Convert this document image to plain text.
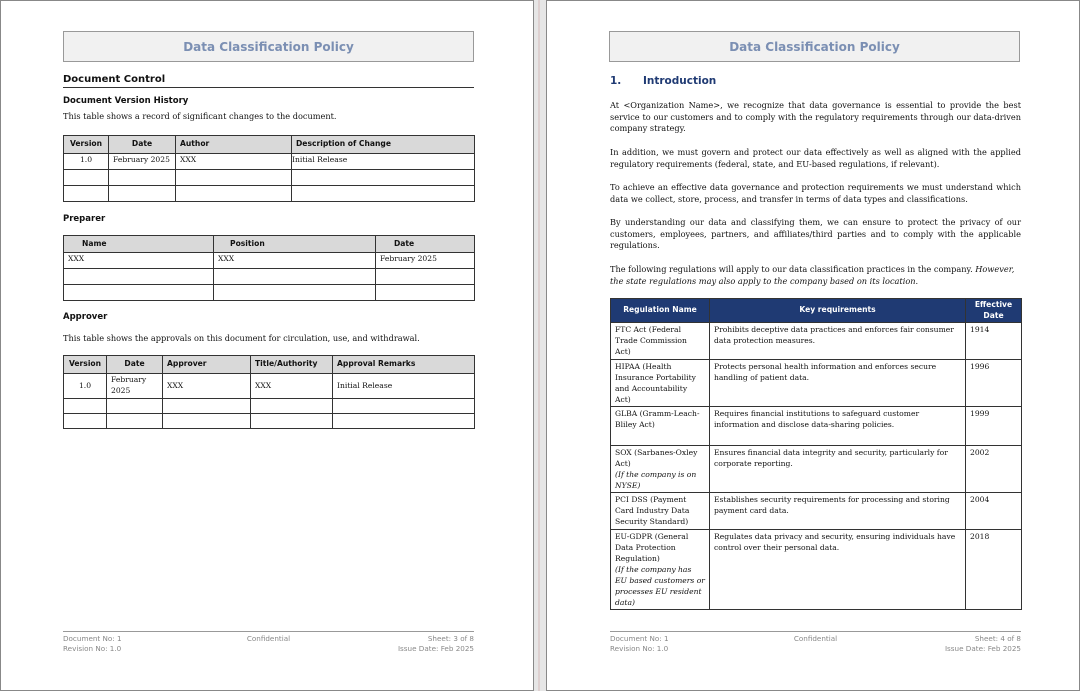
Data Classification Policy
Document Control
Document Version History
This table shows a record of significant changes to the document.
Version	Date	Author	Description of Change
1.0	February 2025	XXX	Initial Release

Preparer
Name	Position	Date
XXX	XXX	February 2025

Approver
This table shows the approvals on this document for circulation, use, and withdrawal.
Version	Date	Approver	Title/Authority	Approval Remarks
1.0	February 2025	XXX	XXX	Initial Release

Document No: 1
Revision No: 1.0
Confidential	Sheet: 3 of 8
Issue Date: Feb 2025
Data Classification Policy
1. Introduction
At <Organization Name>, we recognize that data governance is essential to provide the best service to our customers and to comply with the regulatory requirements through our data-driven company strategy.
In addition, we must govern and protect our data effectively as well as aligned with the applied regulatory requirements (federal, state, and EU-based regulations, if relevant).
To achieve an effective data governance and protection requirements we must understand which data we collect, store, process, and transfer in terms of data types and classifications.
By understanding our data and classifying them, we can ensure to protect the privacy of our customers, employees, partners, and affiliates/third parties and to comply with the applicable regulations.
The following regulations will apply to our data classification practices in the company. However, the state regulations may also apply to the company based on its location.
Regulation Name	Key requirements	Effective Date
FTC Act (Federal Trade Commission Act)	Prohibits deceptive data practices and enforces fair consumer data protection measures.	1914
HIPAA (Health Insurance Portability and Accountability Act)	Protects personal health information and enforces secure handling of patient data.	1996
GLBA (Gramm-Leach-Bliley Act)	Requires financial institutions to safeguard customer information and disclose data-sharing policies.	1999
SOX (Sarbanes-Oxley Act)
(If the company is on NYSE)	Ensures financial data integrity and security, particularly for corporate reporting.	2002
PCI DSS (Payment Card Industry Data Security Standard)	Establishes security requirements for processing and storing payment card data.	2004
EU-GDPR (General Data Protection Regulation)
(If the company has EU based customers or processes EU resident data)	Regulates data privacy and security, ensuring individuals have control over their personal data.	2018
Document No: 1
Revision No: 1.0
Confidential	Sheet: 4 of 8
Issue Date: Feb 2025
